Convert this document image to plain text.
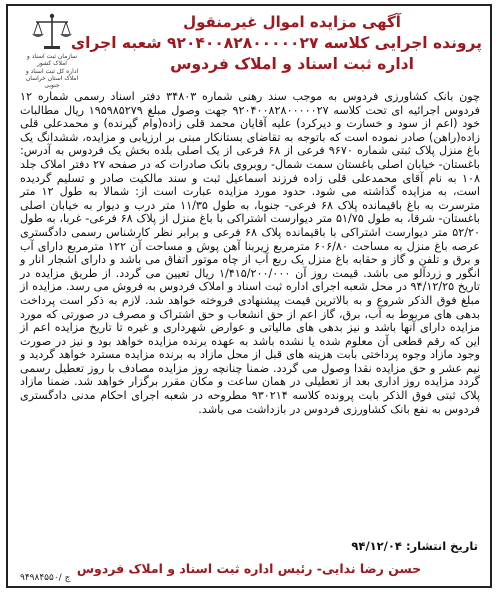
سازمان ثبت اسناد و املاک کشور
اداره کل ثبت اسناد و املاک استان خراسان جنوبی

آگهی مزایده اموال غیرمنقول

پرونده اجرایی کلاسه ۹۲۰۴۰۰۸۲۸۰۰۰۰۰۲۷ شعبه اجرای

اداره ثبت اسناد و املاک فردوس

چون بانک کشاورزی فردوس به موجب سند رهنی شماره ۳۴۸۰۳ دفتر اسناد رسمی شماره ۱۲ فردوس اجرائیه ای تحت کلاسه ۹۲۰۴۰۰۸۲۸۰۰۰۰۰۲۷ جهت وصول مبلغ ۱۹۵۹۸۵۲۷۹ ریال مطالبات خود (اعم از سود و خسارت و دیرکرد) علیه آقایان محمد قلی زاده(وام گیرنده) و محمدعلی قلی زاده(راهن) صادر نموده است که باتوجه به تقاضای بستانکار مبنی بر ارزیابی و مزایده، ششدانگ یک باغ منزل پلاک ثبتی شماره ۹۶۷۰ فرعی از ۶۸ فرعی از یک اصلی بلده بخش یک فردوس به آدرس: باغستان- خیابان اصلی باغستان سمت شمال- روبروی بانک صادرات که در صفحه ۲۷ دفتر املاک جلد ۱۰۸ به نام آقای محمدعلی قلی زاده فرزند اسماعیل ثبت و سند مالکیت صادر و تسلیم گردیده است، به مزایده گذاشته می شود. حدود مورد مزایده عبارت است از: شمالا به طول ۱۲ متر مترسرت به باغ باقیمانده پلاک ۶۸ فرعی- جنوبا، به طول ۱۱/۳۵ متر درب و دیوار به خیابان اصلی باغستان- شرقا، به طول ۵۱/۷۵ متر دیوارست اشتراکی با باغ منزل از پلاک ۶۸ فرعی- غربا، به طول ۵۲/۲۰ متر دیوارست اشتراکی با باقیمانده پلاک ۶۸ فرعی و برابر نظر کارشناس رسمی دادگستری عرصه باغ منزل به مساحت ۶۰۶/۸۰ مترمربع زیربنا آهن پوش و مساحت آن ۱۲۲ مترمربع دارای آب و برق و تلفن و گاز و حقابه باغ منزل یک ربع آب از چاه موتور اتفاق می باشد و دارای اشجار انار و انگور و زردآلو می باشد. قیمت روز آن ۱/۴۱۵/۲۰۰/۰۰۰ ریال تعیین می گردد. از طریق مزایده در تاریخ ۹۴/۱۲/۲۵ در محل شعبه اجرای اداره ثبت اسناد و املاک فردوس به فروش می رسد. مزایده از مبلغ فوق الذکر شروع و به بالاترین قیمت پیشنهادی فروخته خواهد شد. لازم به ذکر است پرداخت بدهی های مربوط به آب، برق، گاز اعم از حق انشعاب و حق اشتراک و مصرف در صورتی که مورد مزایده دارای آنها باشد و نیز بدهی های مالیاتی و عوارض شهرداری و غیره تا تاریخ مزایده اعم از این که رقم قطعی آن معلوم شده یا نشده باشد به عهده برنده مزایده خواهد بود و نیز در صورت وجود مازاد وجوه پرداختی بابت هزینه های قبل از محل مازاد به برنده مزایده مسترد خواهد گردید و نیم عشر و حق مزایده نقدا وصول می گردد. ضمنا چنانچه روز مزایده مصادف با روز تعطیل رسمی گردد مزایده روز اداری بعد از تعطیلی در همان ساعت و مکان مقرر برگزار خواهد شد. ضمنا مازاد پلاک ثبتی فوق الذکر بابت پرونده کلاسه ۹۳۰۲۱۴ مطروحه در شعبه اجرای احکام مدنی دادگستری فردوس به نفع بانک کشاورزی فردوس در بازداشت می باشد.

تاریخ انتشار: ۹۴/۱۲/۰۴
حسن رضا ندایی- رئیس اداره ثبت اسناد و املاک فردوس
۹۴۹۸۴۵۵۰/ ج
